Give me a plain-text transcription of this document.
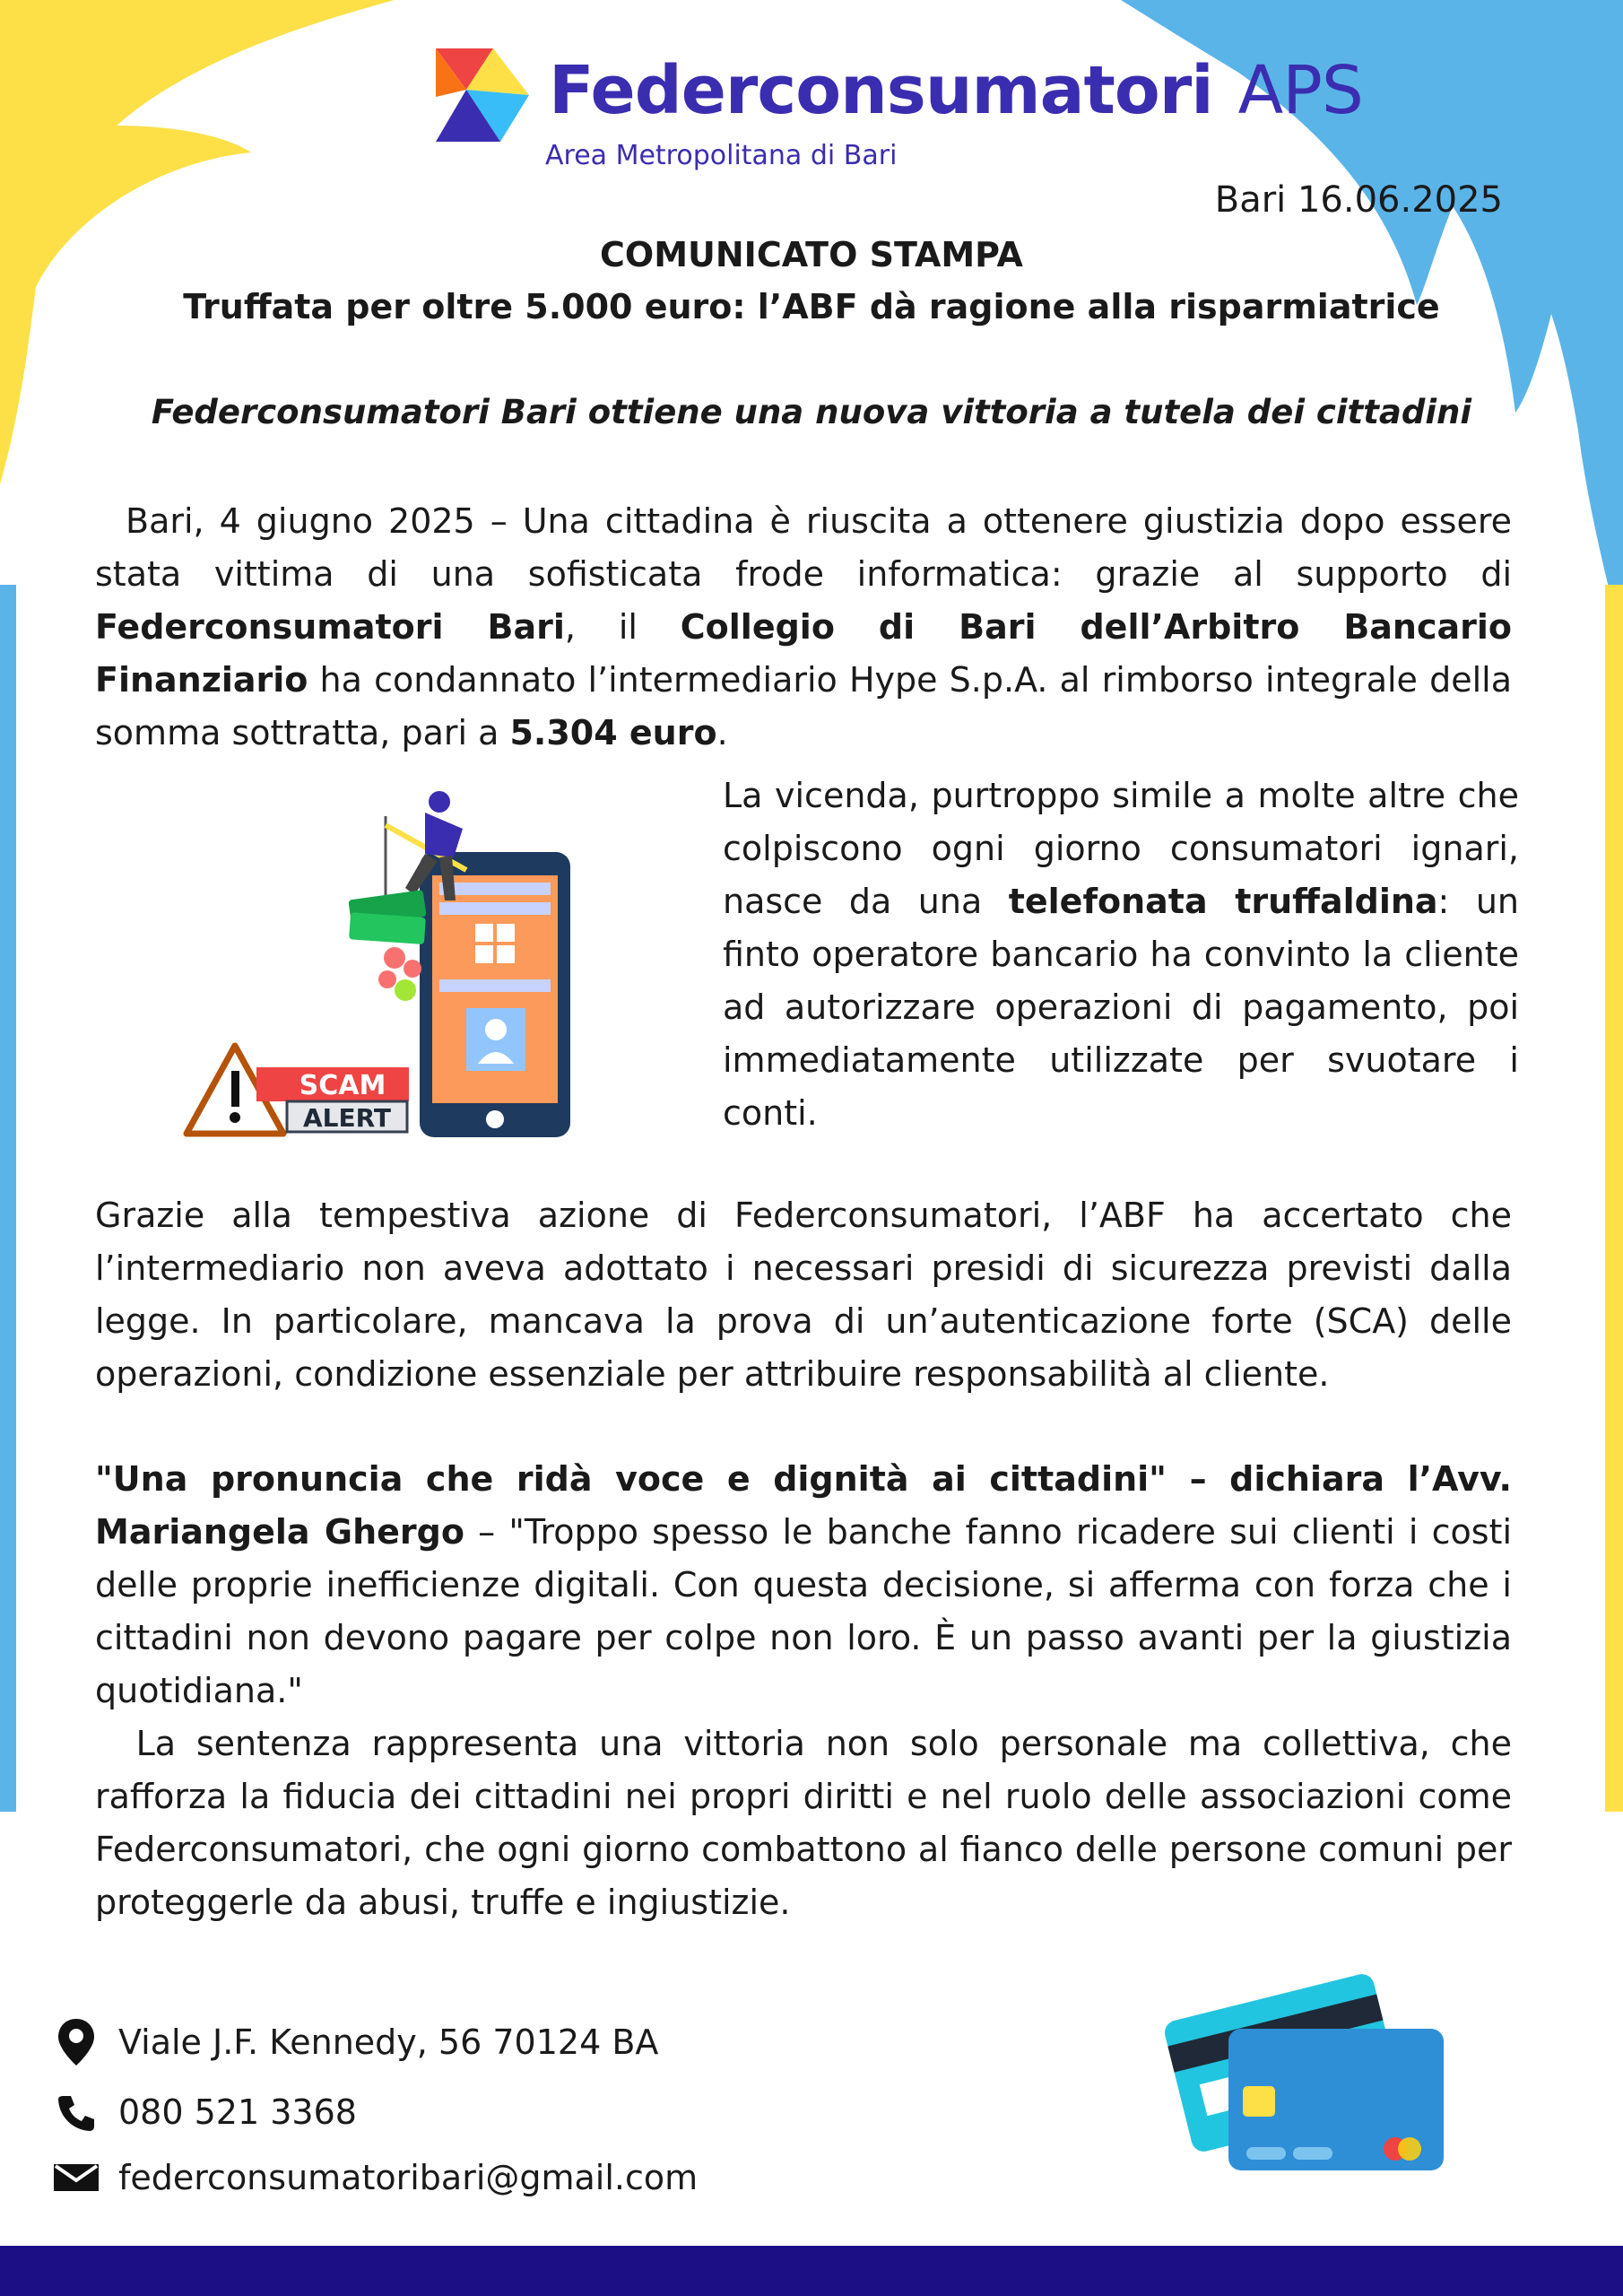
Federconsumatori APS
Area Metropolitana di Bari
Bari 16.06.2025
COMUNICATO STAMPA
Truffata per oltre 5.000 euro: l’ABF dà ragione alla risparmiatrice
Federconsumatori Bari ottiene una nuova vittoria a tutela dei cittadini
Bari, 4 giugno 2025 – Una cittadina è riuscita a ottenere giustizia dopo essere stata vittima di una sofisticata frode informatica: grazie al supporto di Federconsumatori Bari, il Collegio di Bari dell’Arbitro Bancario Finanziario ha condannato l’intermediario Hype S.p.A. al rimborso integrale della somma sottratta, pari a 5.304 euro.
SCAM
ALERT
La vicenda, purtroppo simile a molte altre che colpiscono ogni giorno consumatori ignari, nasce da una telefonata truffaldina: un finto operatore bancario ha convinto la cliente ad autorizzare operazioni di pagamento, poi immediatamente utilizzate per svuotare i conti.
Grazie alla tempestiva azione di Federconsumatori, l’ABF ha accertato che l’intermediario non aveva adottato i necessari presidi di sicurezza previsti dalla legge. In particolare, mancava la prova di un’autenticazione forte (SCA) delle operazioni, condizione essenziale per attribuire responsabilità al cliente.
"Una pronuncia che ridà voce e dignità ai cittadini" – dichiara l’Avv. Mariangela Ghergo – "Troppo spesso le banche fanno ricadere sui clienti i costi delle proprie inefficienze digitali. Con questa decisione, si afferma con forza che i cittadini non devono pagare per colpe non loro. È un passo avanti per la giustizia quotidiana."
La sentenza rappresenta una vittoria non solo personale ma collettiva, che rafforza la fiducia dei cittadini nei propri diritti e nel ruolo delle associazioni come Federconsumatori, che ogni giorno combattono al fianco delle persone comuni per proteggerle da abusi, truffe e ingiustizie.
Viale J.F. Kennedy, 56 70124 BA
080 521 3368
federconsumatoribari@gmail.com
